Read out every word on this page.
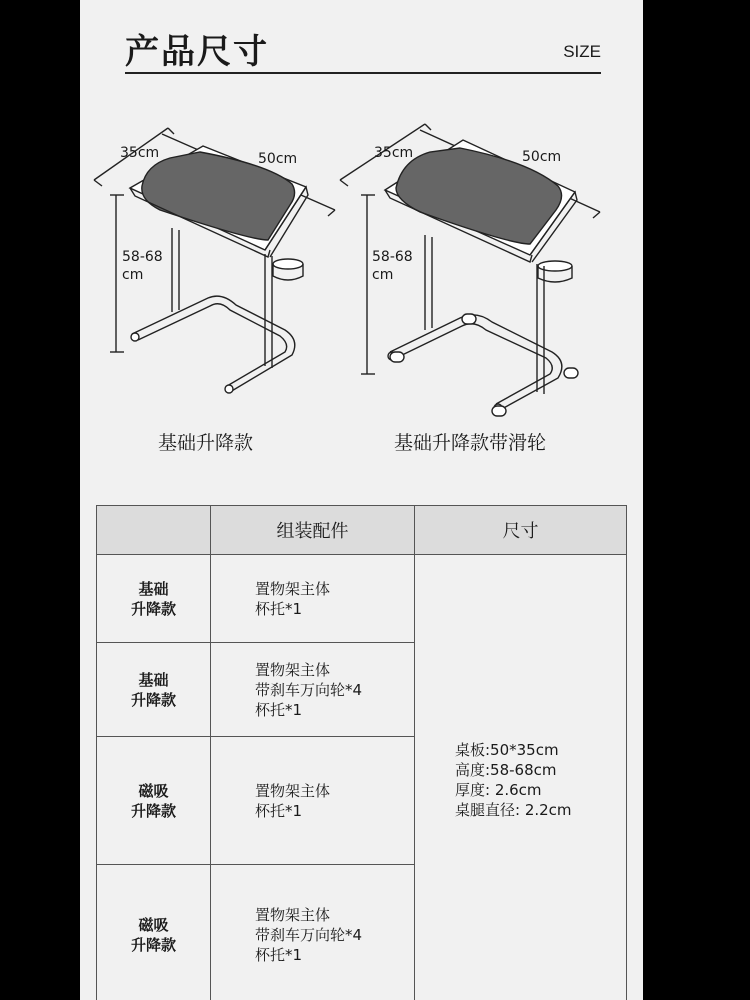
产品尺寸	SIZE
35cm	50cm
58-68
cm
基础升降款
35cm	50cm
58-68
cm
基础升降款带滑轮
	组装配件	尺寸

基础
升降款	置物架主体
杯托*1	桌板:50*35cm
高度:58-68cm
厚度: 2.6cm
桌腿直径: 2.2cm

基础
升降款	置物架主体
带刹车万向轮*4
杯托*1	

磁吸
升降款	置物架主体
杯托*1	

磁吸
升降款	置物架主体
带刹车万向轮*4
杯托*1	
